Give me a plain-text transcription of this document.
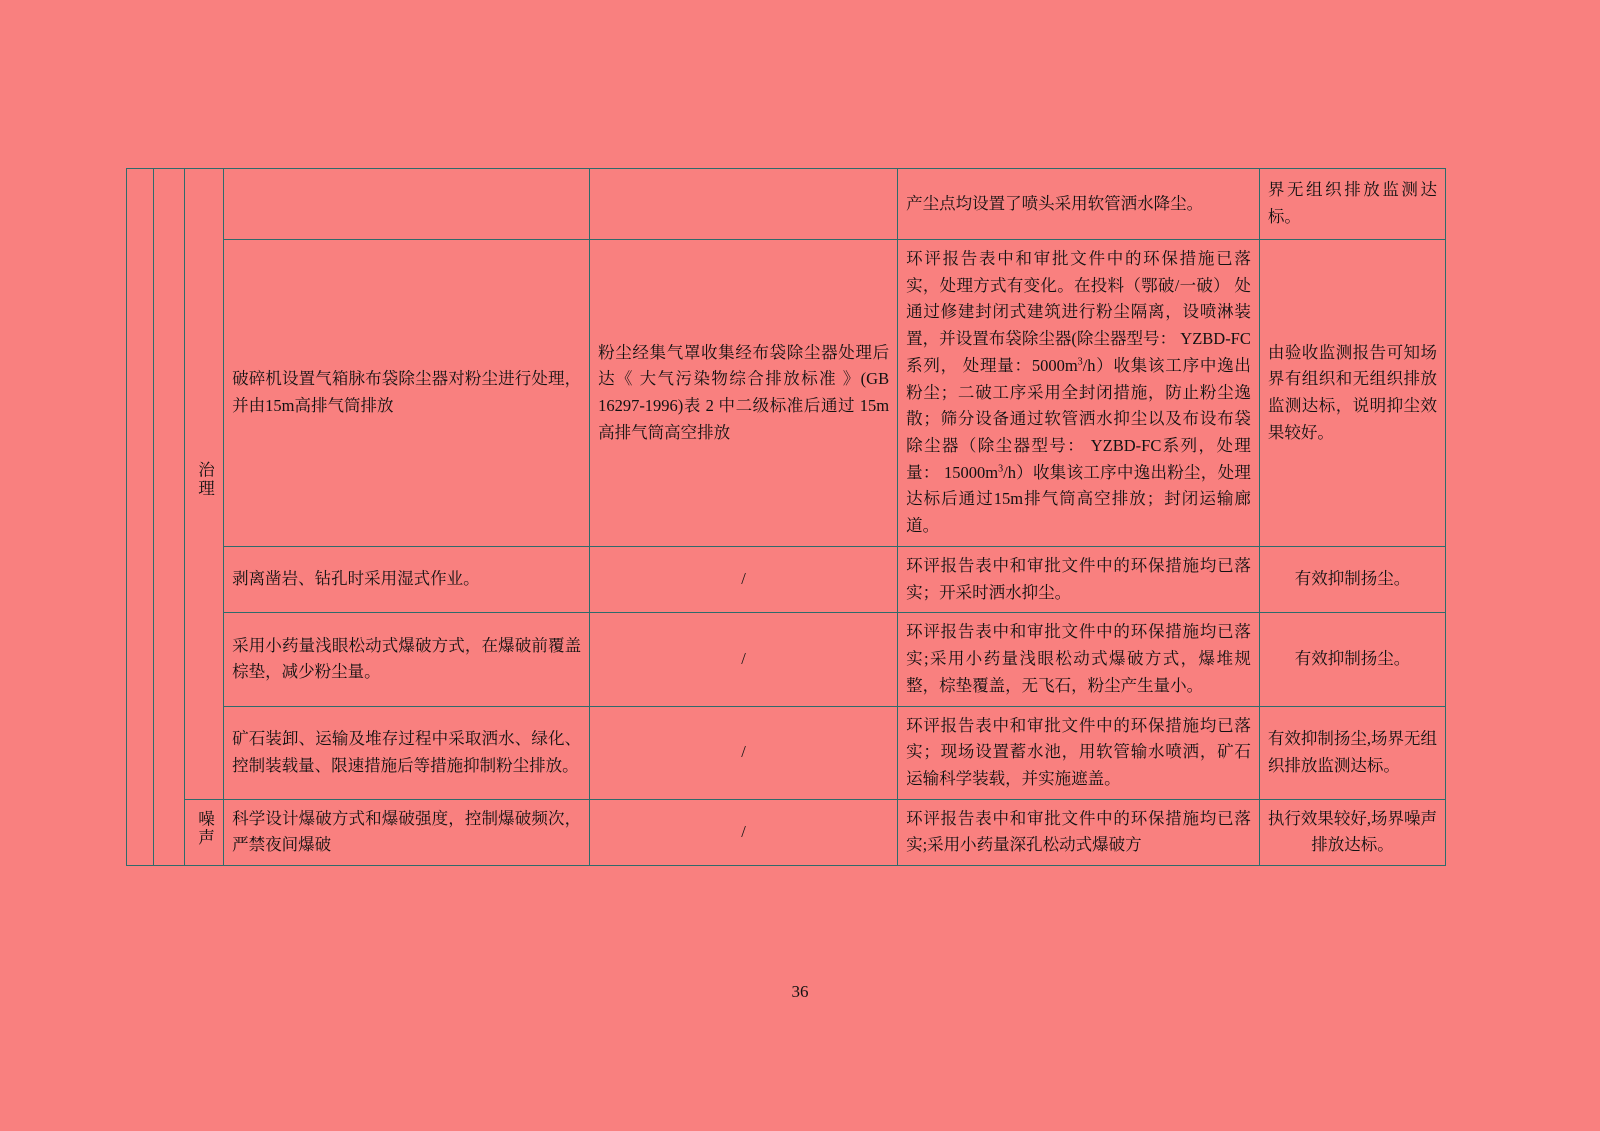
		治理			产尘点均设置了喷头采用软管洒水降尘。	界无组织排放监测达标。
			破碎机设置气箱脉布袋除尘器对粉尘进行处理，并由15m高排气筒排放	粉尘经集气罩收集经布袋除尘器处理后达《 大气污染物综合排放标准 》(GB 16297-1996)表 2 中二级标准后通过 15m 高排气筒高空排放	环评报告表中和审批文件中的环保措施已落实，处理方式有变化。在投料（鄂破/一破） 处通过修建封闭式建筑进行粉尘隔离，设喷淋装置，并设置布袋除尘器(除尘器型号： YZBD-FC系列， 处理量：$5000m^3/h$）收集该工序中逸出粉尘；二破工序采用全封闭措施，防止粉尘逸散；筛分设备通过软管洒水抑尘以及布设布袋除尘器（除尘器型号： YZBD-FC系列，处理量： $15000m^3/h$）收集该工序中逸出粉尘，处理达标后通过15m排气筒高空排放；封闭运输廊道。	由验收监测报告可知场界有组织和无组织排放监测达标，说明抑尘效果较好。
			剥离凿岩、钻孔时采用湿式作业。	/	环评报告表中和审批文件中的环保措施均已落实；开采时洒水抑尘。	有效抑制扬尘。
			采用小药量浅眼松动式爆破方式，在爆破前覆盖棕垫，减少粉尘量。	/	环评报告表中和审批文件中的环保措施均已落实;采用小药量浅眼松动式爆破方式，爆堆规整，棕垫覆盖，无飞石，粉尘产生量小。	有效抑制扬尘。
			矿石装卸、运输及堆存过程中采取洒水、绿化、控制装载量、限速措施后等措施抑制粉尘排放。	/	环评报告表中和审批文件中的环保措施均已落实；现场设置蓄水池，用软管输水喷洒，矿石运输科学装载，并实施遮盖。	有效抑制扬尘,场界无组织排放监测达标。
		噪声	科学设计爆破方式和爆破强度，控制爆破频次，严禁夜间爆破	/	环评报告表中和审批文件中的环保措施均已落实;采用小药量深孔松动式爆破方	执行效果较好,场界噪声排放达标。
36
